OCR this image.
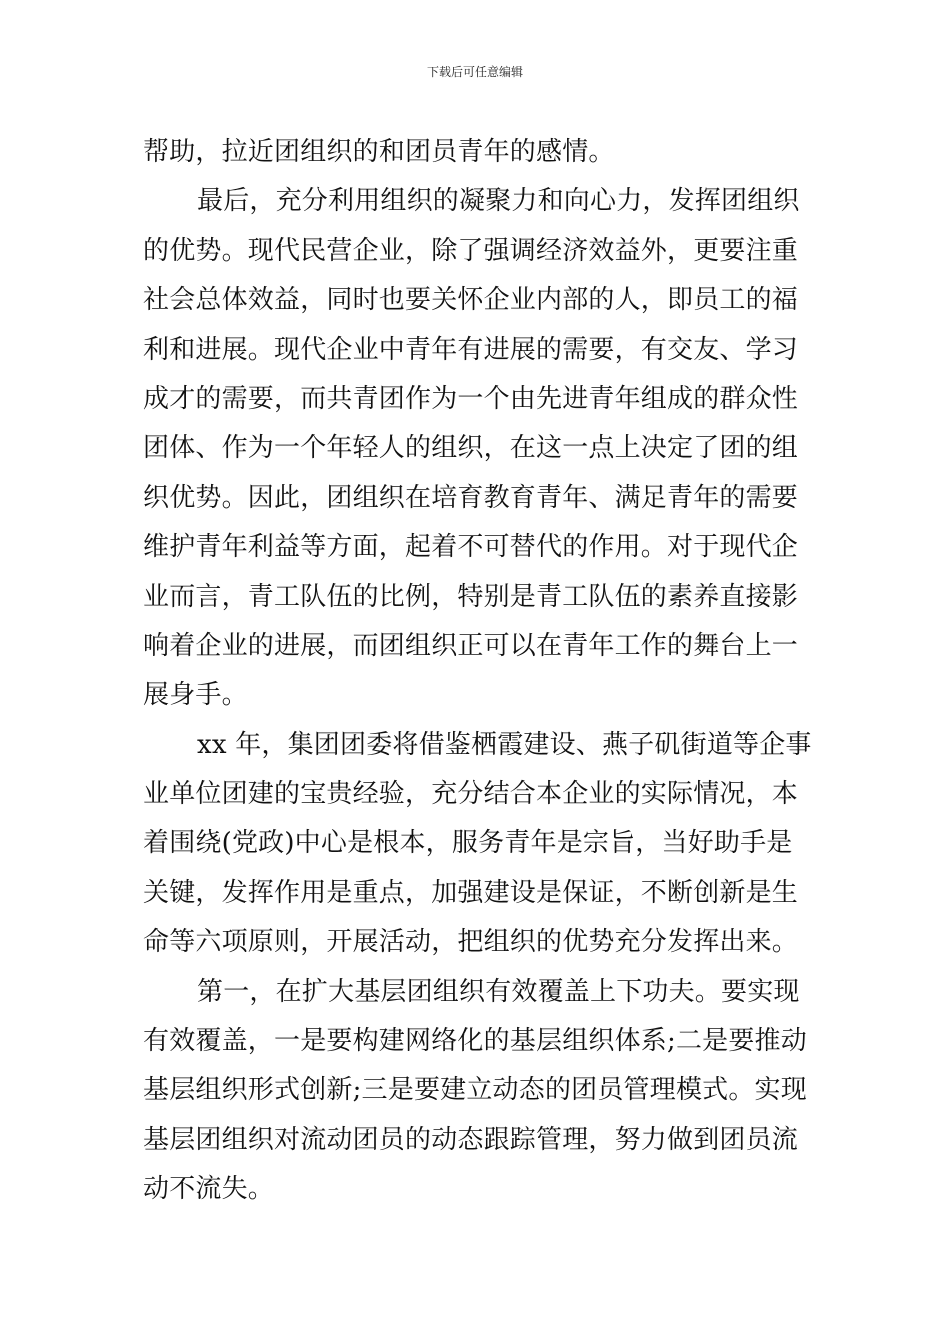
下载后可任意编辑
帮助，拉近团组织的和团员青年的感情。
最后，充分利用组织的凝聚力和向心力，发挥团组织
的优势。现代民营企业，除了强调经济效益外，更要注重
社会总体效益，同时也要关怀企业内部的人，即员工的福
利和进展。现代企业中青年有进展的需要，有交友、学习
成才的需要，而共青团作为一个由先进青年组成的群众性
团体、作为一个年轻人的组织，在这一点上决定了团的组
织优势。因此，团组织在培育教育青年、满足青年的需要
维护青年利益等方面，起着不可替代的作用。对于现代企
业而言，青工队伍的比例，特别是青工队伍的素养直接影
响着企业的进展，而团组织正可以在青年工作的舞台上一
展身手。
xx 年，集团团委将借鉴栖霞建设、燕子矶街道等企事
业单位团建的宝贵经验，充分结合本企业的实际情况，本
着围绕(党政)中心是根本，服务青年是宗旨，当好助手是
关键，发挥作用是重点，加强建设是保证，不断创新是生
命等六项原则，开展活动，把组织的优势充分发挥出来。
第一，在扩大基层团组织有效覆盖上下功夫。要实现
有效覆盖，一是要构建网络化的基层组织体系;二是要推动
基层组织形式创新;三是要建立动态的团员管理模式。实现
基层团组织对流动团员的动态跟踪管理，努力做到团员流
动不流失。
